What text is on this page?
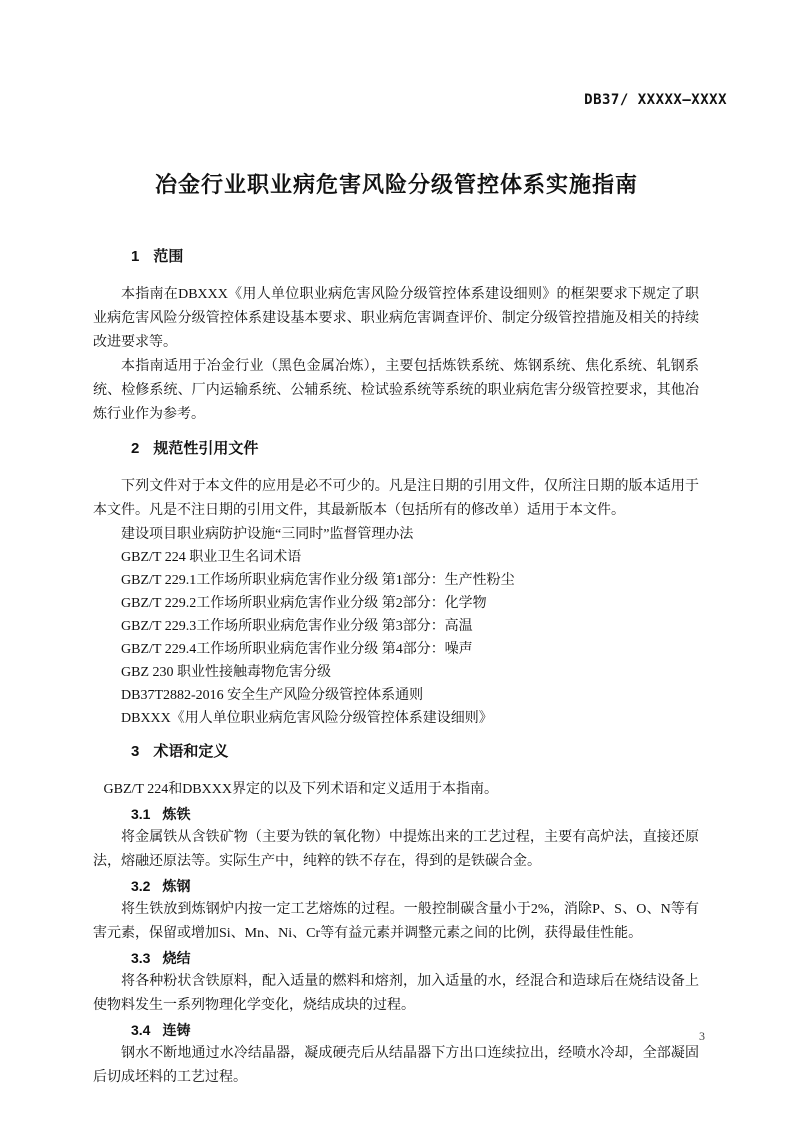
DB37/ XXXXX—XXXX
冶金行业职业病危害风险分级管控体系实施指南
1 范围

本指南在DBXXX《用人单位职业病危害风险分级管控体系建设细则》的框架要求下规定了职业病危害风险分级管控体系建设基本要求、职业病危害调查评价、制定分级管控措施及相关的持续改进要求等。

本指南适用于冶金行业（黑色金属冶炼），主要包括炼铁系统、炼钢系统、焦化系统、轧钢系统、检修系统、厂内运输系统、公辅系统、检试验系统等系统的职业病危害分级管控要求，其他冶炼行业作为参考。

2 规范性引用文件

下列文件对于本文件的应用是必不可少的。凡是注日期的引用文件，仅所注日期的版本适用于本文件。凡是不注日期的引用文件，其最新版本（包括所有的修改单）适用于本文件。

建设项目职业病防护设施“三同时”监督管理办法
GBZ/T 224 职业卫生名词术语
GBZ/T 229.1工作场所职业病危害作业分级 第1部分：生产性粉尘
GBZ/T 229.2工作场所职业病危害作业分级 第2部分：化学物
GBZ/T 229.3工作场所职业病危害作业分级 第3部分：高温
GBZ/T 229.4工作场所职业病危害作业分级 第4部分：噪声
GBZ 230 职业性接触毒物危害分级
DB37T2882-2016 安全生产风险分级管控体系通则
DBXXX《用人单位职业病危害风险分级管控体系建设细则》
3 术语和定义

GBZ/T 224和DBXXX界定的以及下列术语和定义适用于本指南。

3.1 炼铁

将金属铁从含铁矿物（主要为铁的氧化物）中提炼出来的工艺过程，主要有高炉法，直接还原法，熔融还原法等。实际生产中，纯粹的铁不存在，得到的是铁碳合金。

3.2 炼钢

将生铁放到炼钢炉内按一定工艺熔炼的过程。一般控制碳含量小于2%，消除P、S、O、N等有害元素，保留或增加Si、Mn、Ni、Cr等有益元素并调整元素之间的比例，获得最佳性能。

3.3 烧结

将各种粉状含铁原料，配入适量的燃料和熔剂，加入适量的水，经混合和造球后在烧结设备上使物料发生一系列物理化学变化，烧结成块的过程。

3.4 连铸

钢水不断地通过水冷结晶器，凝成硬壳后从结晶器下方出口连续拉出，经喷水冷却，全部凝固后切成坯料的工艺过程。

3
